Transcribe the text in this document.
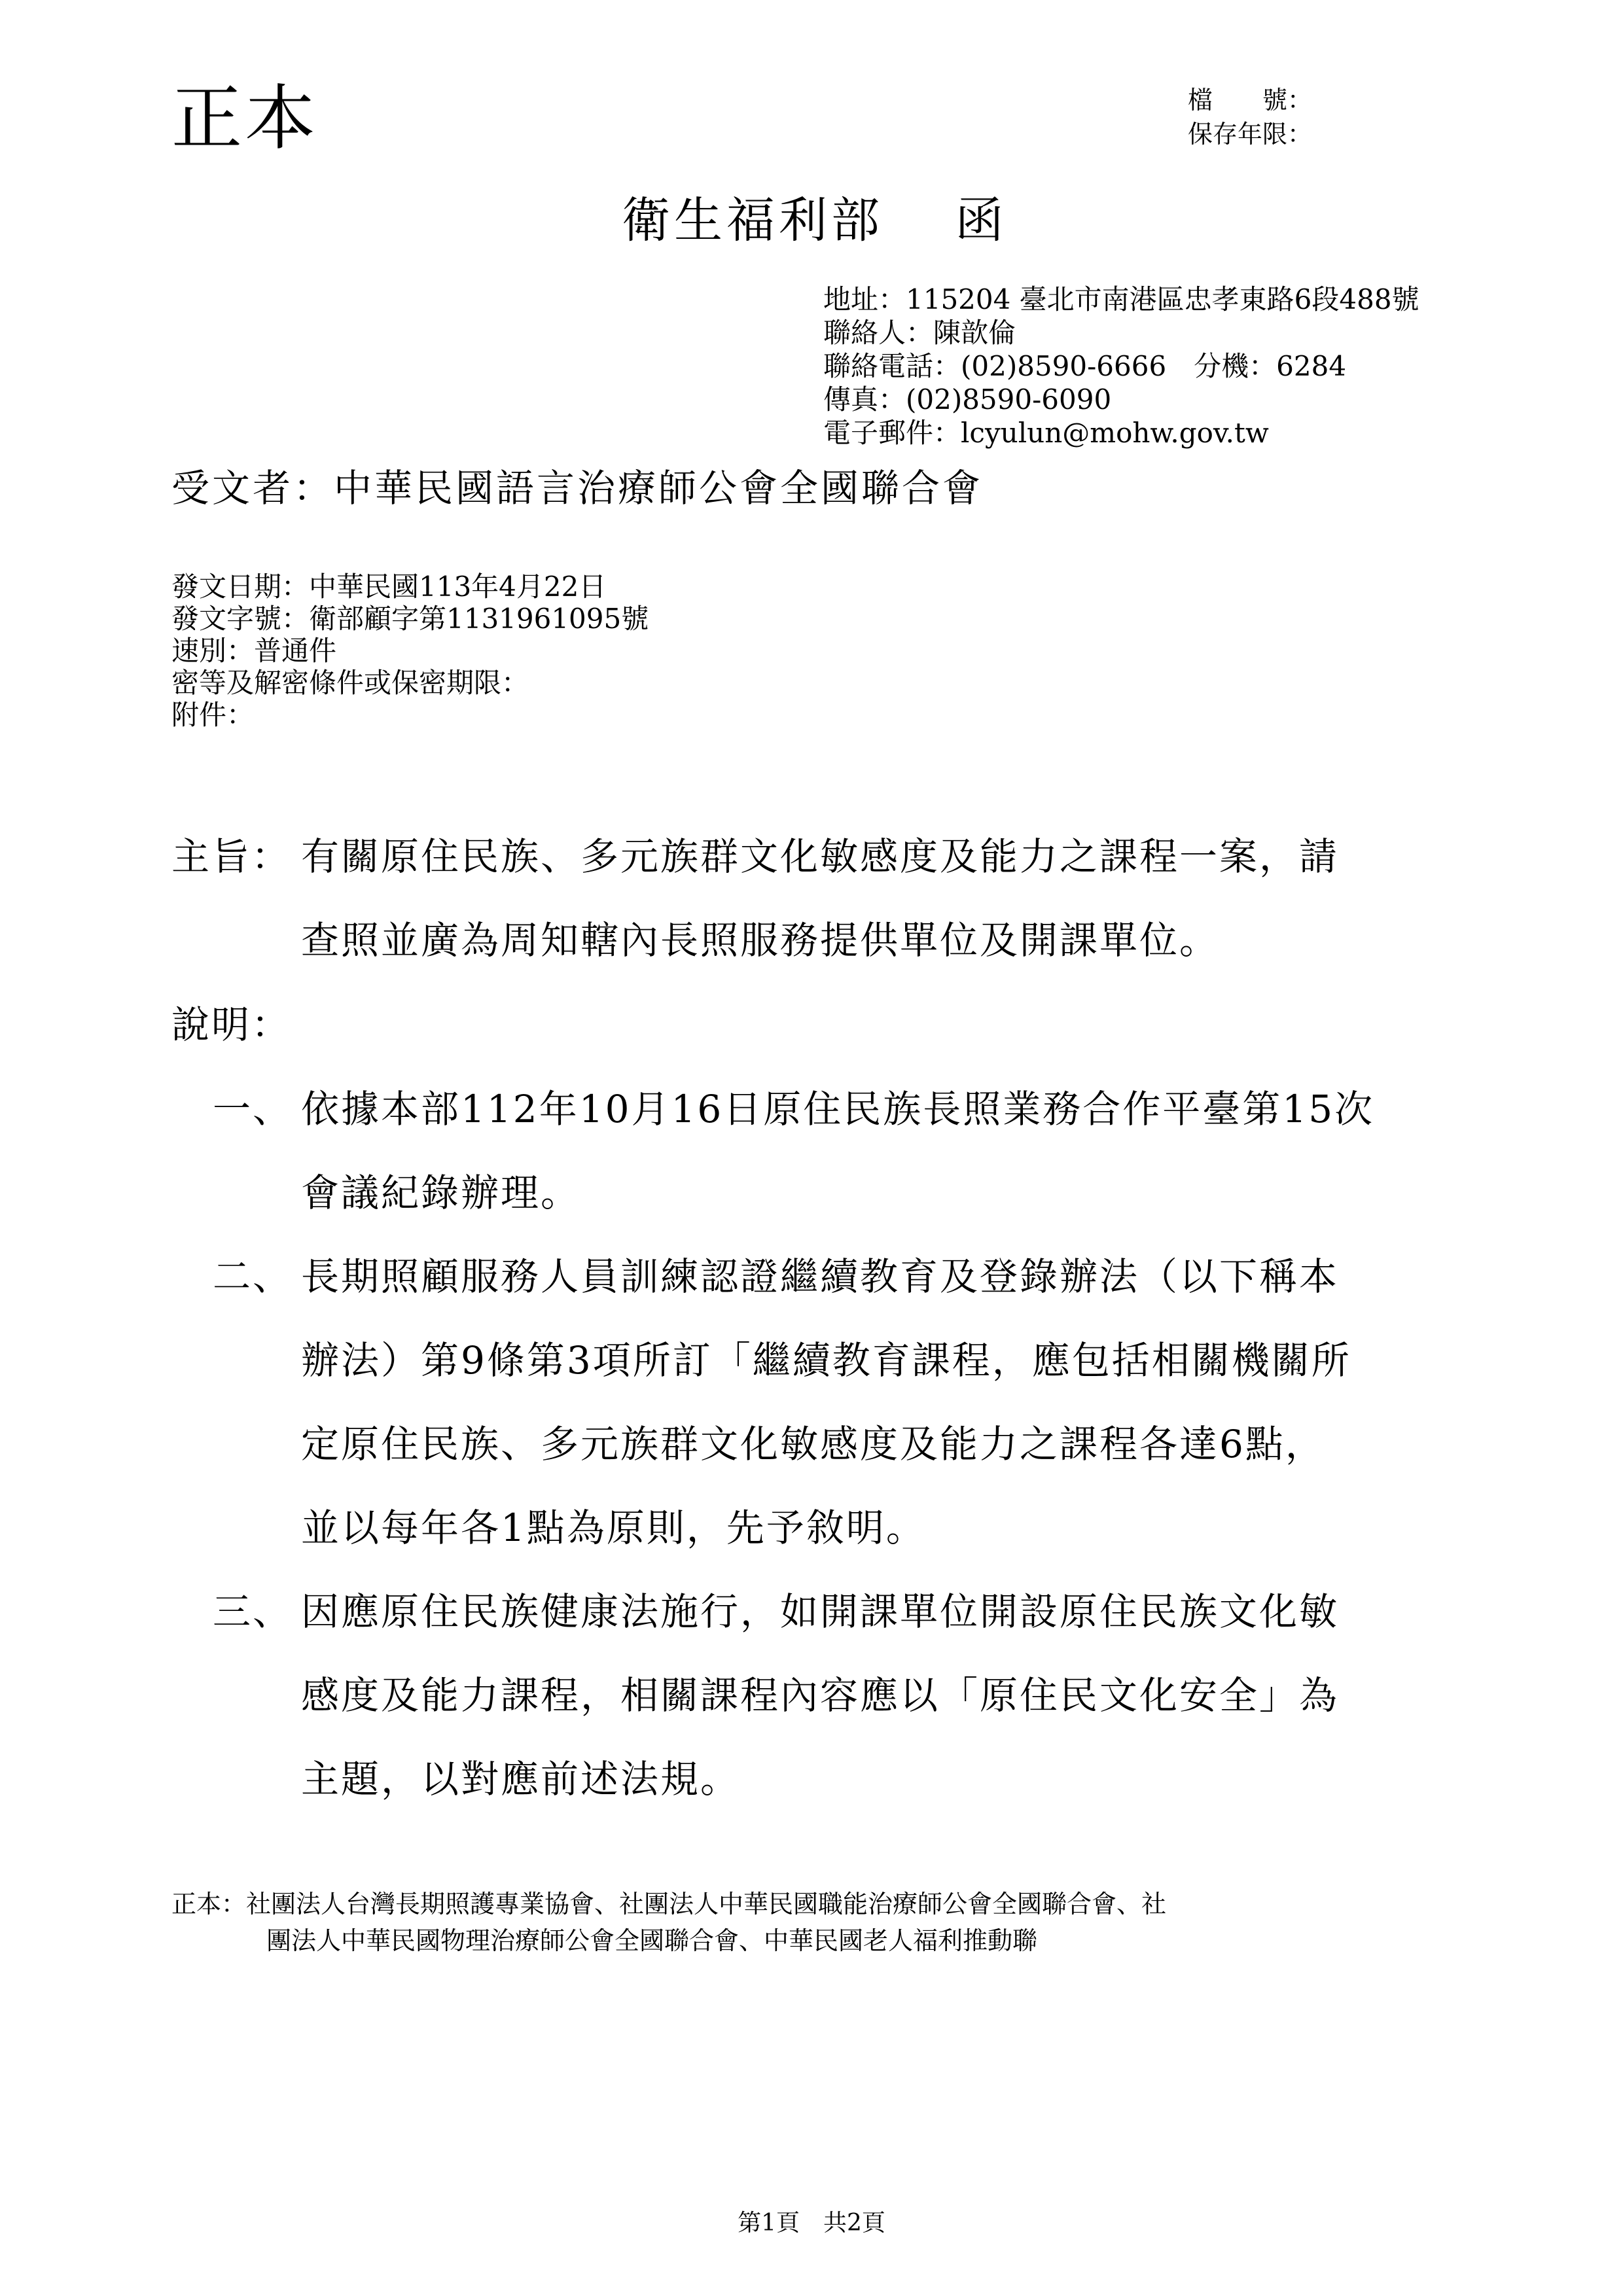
正本	檔　　號：
保存年限：
衛生福利部　 函
地址：115204 臺北市南港區忠孝東路6段488號
聯絡人：陳歆倫
聯絡電話：(02)8590-6666　分機：6284
傳真：(02)8590-6090
電子郵件：lcyulun@mohw.gov.tw
受文者：中華民國語言治療師公會全國聯合會
發文日期：中華民國113年4月22日
發文字號：衛部顧字第1131961095號
速別：普通件
密等及解密條件或保密期限：
附件：
主旨： 有關原住民族、多元族群文化敏感度及能力之課程一案，請
查照並廣為周知轄內長照服務提供單位及開課單位。
說明：
一、 依據本部112年10月16日原住民族長照業務合作平臺第15次
會議紀錄辦理。
二、 長期照顧服務人員訓練認證繼續教育及登錄辦法（以下稱本
辦法）第9條第3項所訂「繼續教育課程，應包括相關機關所
定原住民族、多元族群文化敏感度及能力之課程各達6點，
並以每年各1點為原則，先予敘明。
三、 因應原住民族健康法施行，如開課單位開設原住民族文化敏
感度及能力課程，相關課程內容應以「原住民文化安全」為
主題，以對應前述法規。
正本：社團法人台灣長期照護專業協會、社團法人中華民國職能治療師公會全國聯合會、社
團法人中華民國物理治療師公會全國聯合會、中華民國老人福利推動聯
第1頁　共2頁
